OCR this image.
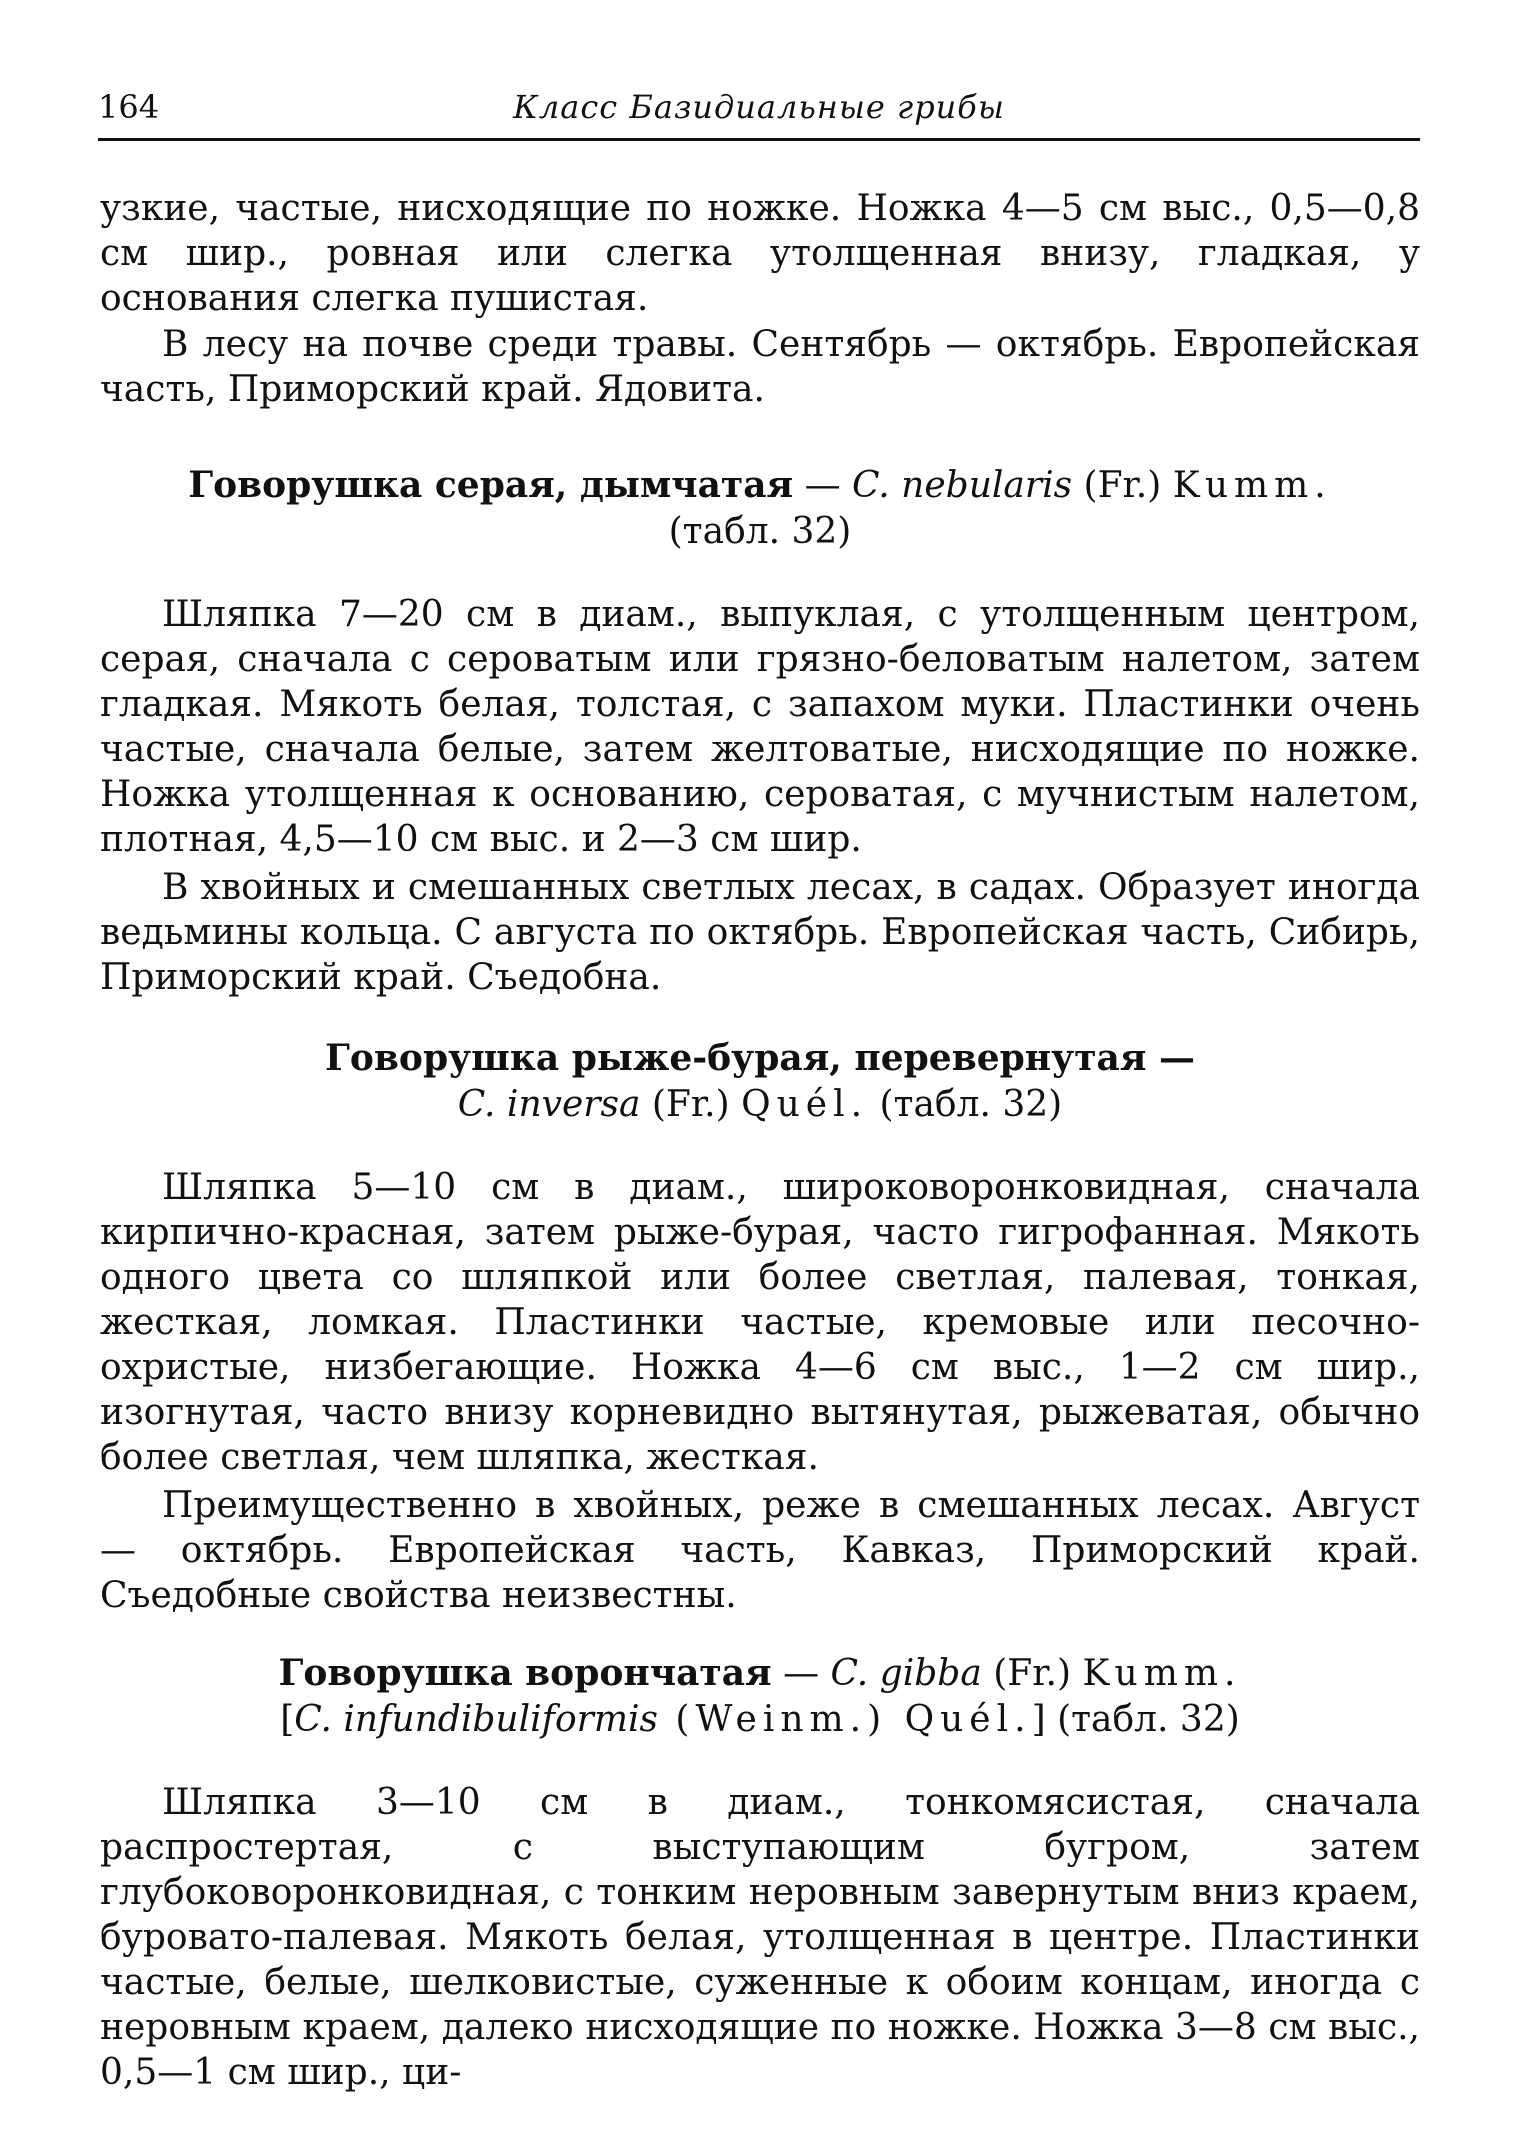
164	Класс Базидиальные грибы

узкие, частые, нисходящие по ножке. Ножка 4—5 см выс., 0,5—0,8 см шир., ровная или слегка утолщенная внизу, гладкая, у основания слегка пушистая.

В лесу на почве среди травы. Сентябрь — октябрь. Европейская часть, Приморский край. Ядовита.

Говорушка серая, дымчатая — C. nebularis (Fr.) Kumm.
(табл. 32)

Шляпка 7—20 см в диам., выпуклая, с утолщенным центром, серая, сначала с сероватым или грязно-беловатым налетом, затем гладкая. Мякоть белая, толстая, с запахом муки. Пластинки очень частые, сначала белые, затем желтоватые, нисходящие по ножке. Ножка утолщенная к основанию, сероватая, с мучнистым налетом, плотная, 4,5—10 см выс. и 2—3 см шир.

В хвойных и смешанных светлых лесах, в садах. Образует иногда ведьмины кольца. С августа по октябрь. Европейская часть, Сибирь, Приморский край. Съедобна.

Говорушка рыже-бурая, перевернутая —
C. inversa (Fr.) Quél. (табл. 32)

Шляпка 5—10 см в диам., широковоронковидная, сначала кирпично-красная, затем рыже-бурая, часто гигрофанная. Мякоть одного цвета со шляпкой или более светлая, палевая, тонкая, жесткая, ломкая. Пластинки частые, кремовые или песочно-охристые, низбегающие. Ножка 4—6 см выс., 1—2 см шир., изогнутая, часто внизу корневидно вытянутая, рыжеватая, обычно более светлая, чем шляпка, жесткая.

Преимущественно в хвойных, реже в смешанных лесах. Август — октябрь. Европейская часть, Кавказ, Приморский край. Съедобные свойства неизвестны.

Говорушка ворончатая — C. gibba (Fr.) Kumm.
[C. infundibuliformis (Weinm.) Quél.] (табл. 32)

Шляпка 3—10 см в диам., тонкомясистая, сначала распростертая, с выступающим бугром, затем глубоковоронковидная, с тонким неровным завернутым вниз краем, буровато-палевая. Мякоть белая, утолщенная в центре. Пластинки частые, белые, шелковистые, суженные к обоим концам, иногда с неровным краем, далеко нисходящие по ножке. Ножка 3—8 см выс., 0,5—1 см шир., ци-
